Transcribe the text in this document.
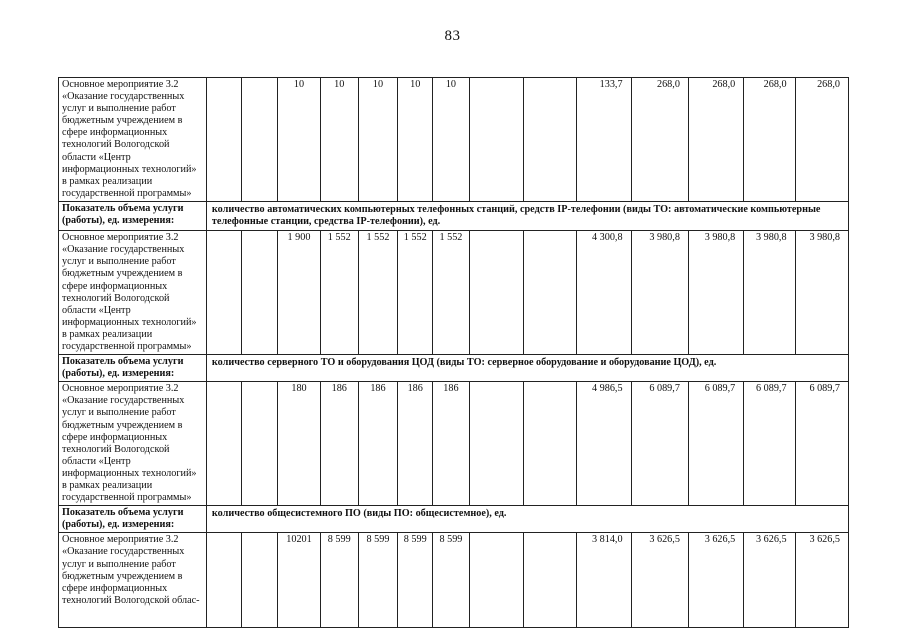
83
Основное мероприятие 3.2 «Оказание государственных услуг и выполнение работ бюджетным учреждением в сфере информационных технологий Вологодской области «Центр информационных технологий» в рамках реализации государственной программы»			10	10	10	10	10			133,7	268,0	268,0	268,0	268,0
Показатель объема услуги (работы), ед. измерения:	количество автоматических компьютерных телефонных станций, средств IP-телефонии (виды ТО: автоматические компьютерные телефонные станции, средства IP-телефонии), ед.													
Основное мероприятие 3.2 «Оказание государственных услуг и выполнение работ бюджетным учреждением в сфере информационных технологий Вологодской области «Центр информационных технологий» в рамках реализации государственной программы»			1 900	1 552	1 552	1 552	1 552			4 300,8	3 980,8	3 980,8	3 980,8	3 980,8
Показатель объема услуги (работы), ед. измерения:	количество серверного ТО и оборудования ЦОД (виды ТО: серверное оборудование и оборудование ЦОД), ед.													
Основное мероприятие 3.2 «Оказание государственных услуг и выполнение работ бюджетным учреждением в сфере информационных технологий Вологодской области «Центр информационных технологий» в рамках реализации государственной программы»			180	186	186	186	186			4 986,5	6 089,7	6 089,7	6 089,7	6 089,7
Показатель объема услуги (работы), ед. измерения:	количество общесистемного ПО (виды ПО: общесистемное), ед.													
Основное мероприятие 3.2 «Оказание государственных услуг и выполнение работ бюджетным учреждением в сфере информационных технологий Вологодской облас-			10201	8 599	8 599	8 599	8 599			3 814,0	3 626,5	3 626,5	3 626,5	3 626,5
